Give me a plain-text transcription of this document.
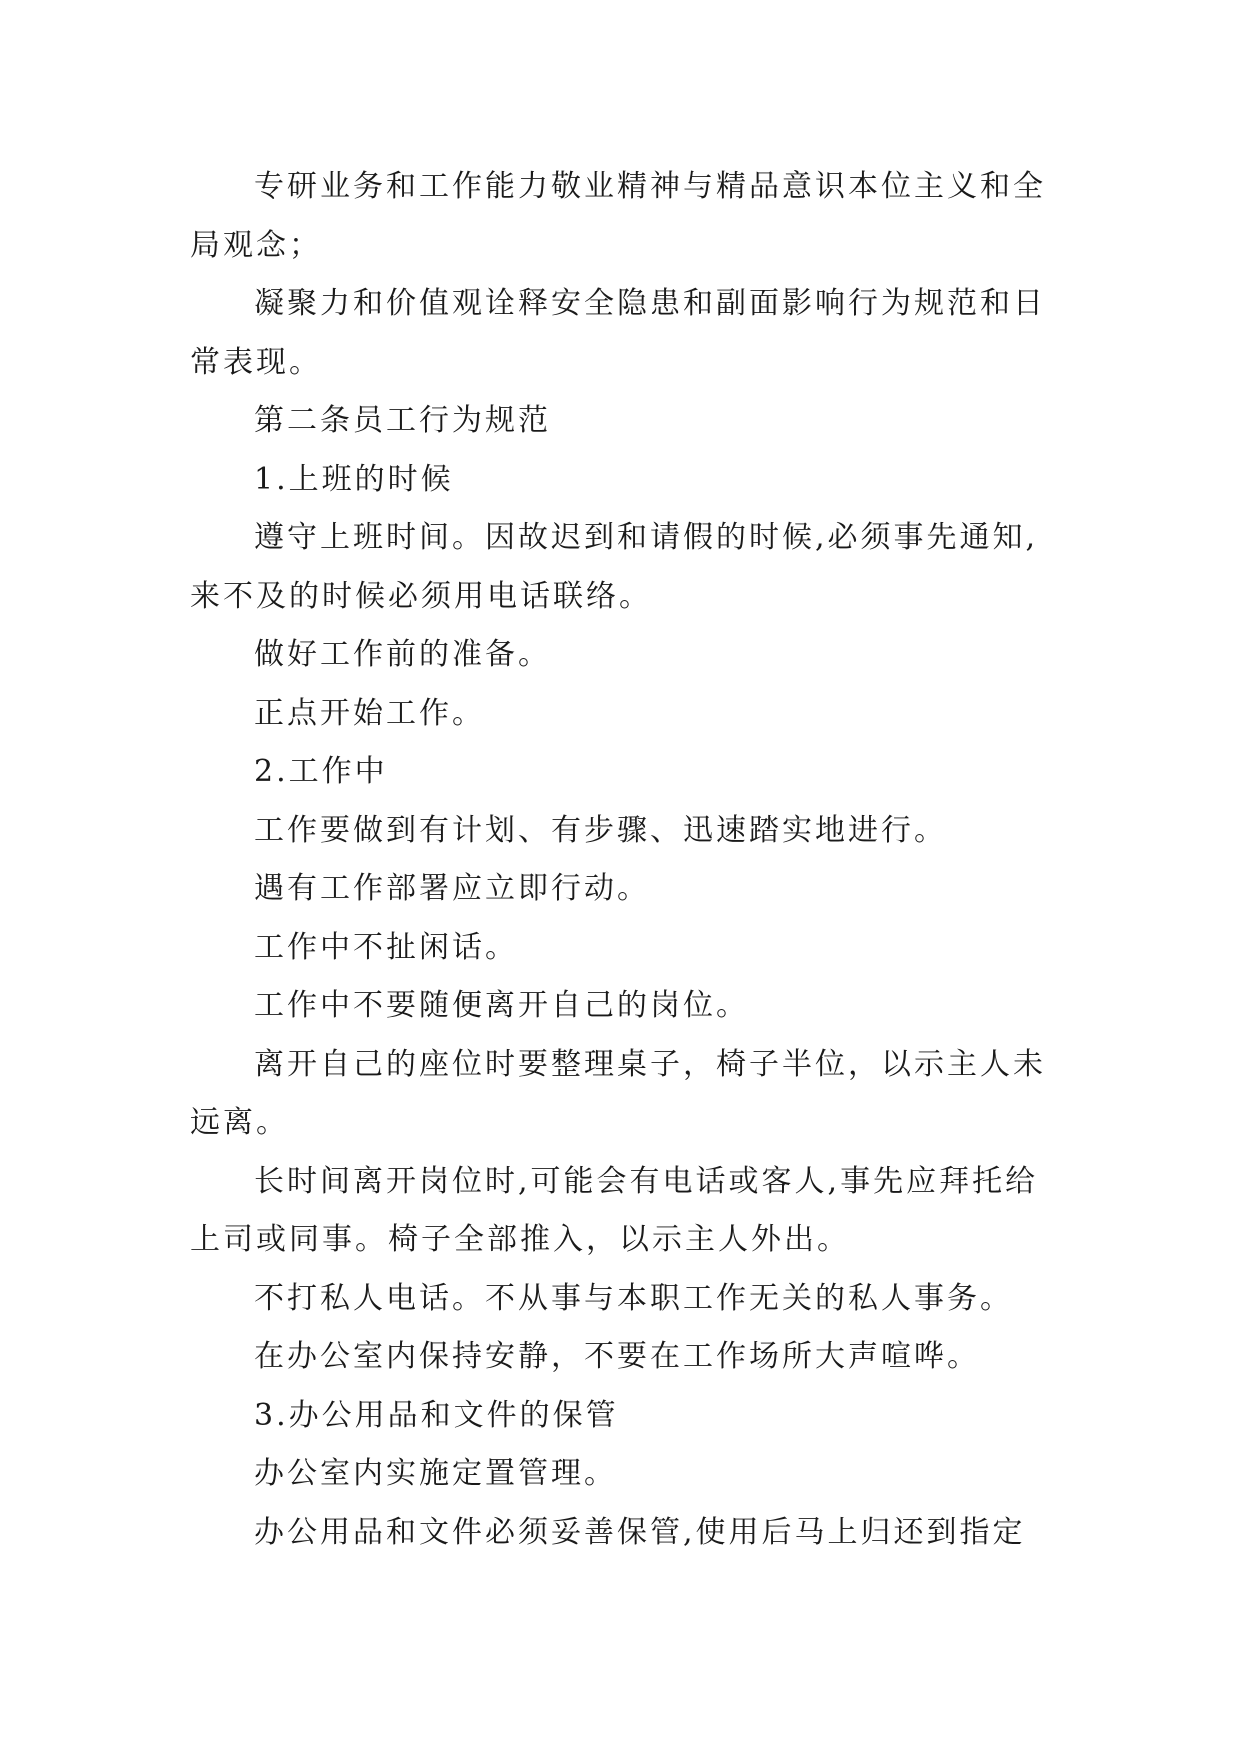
专研业务和工作能力敬业精神与精品意识本位主义和全局观念；

凝聚力和价值观诠释安全隐患和副面影响行为规范和日常表现。

第二条员工行为规范

1.上班的时候

遵守上班时间。因故迟到和请假的时候,必须事先通知,来不及的时候必须用电话联络。

做好工作前的准备。

正点开始工作。

2.工作中

工作要做到有计划、有步骤、迅速踏实地进行。

遇有工作部署应立即行动。

工作中不扯闲话。

工作中不要随便离开自己的岗位。

离开自己的座位时要整理桌子，椅子半位，以示主人未远离。

长时间离开岗位时,可能会有电话或客人,事先应拜托给上司或同事。椅子全部推入，以示主人外出。

不打私人电话。不从事与本职工作无关的私人事务。

在办公室内保持安静，不要在工作场所大声喧哗。

3.办公用品和文件的保管

办公室内实施定置管理。

办公用品和文件必须妥善保管,使用后马上归还到指定
